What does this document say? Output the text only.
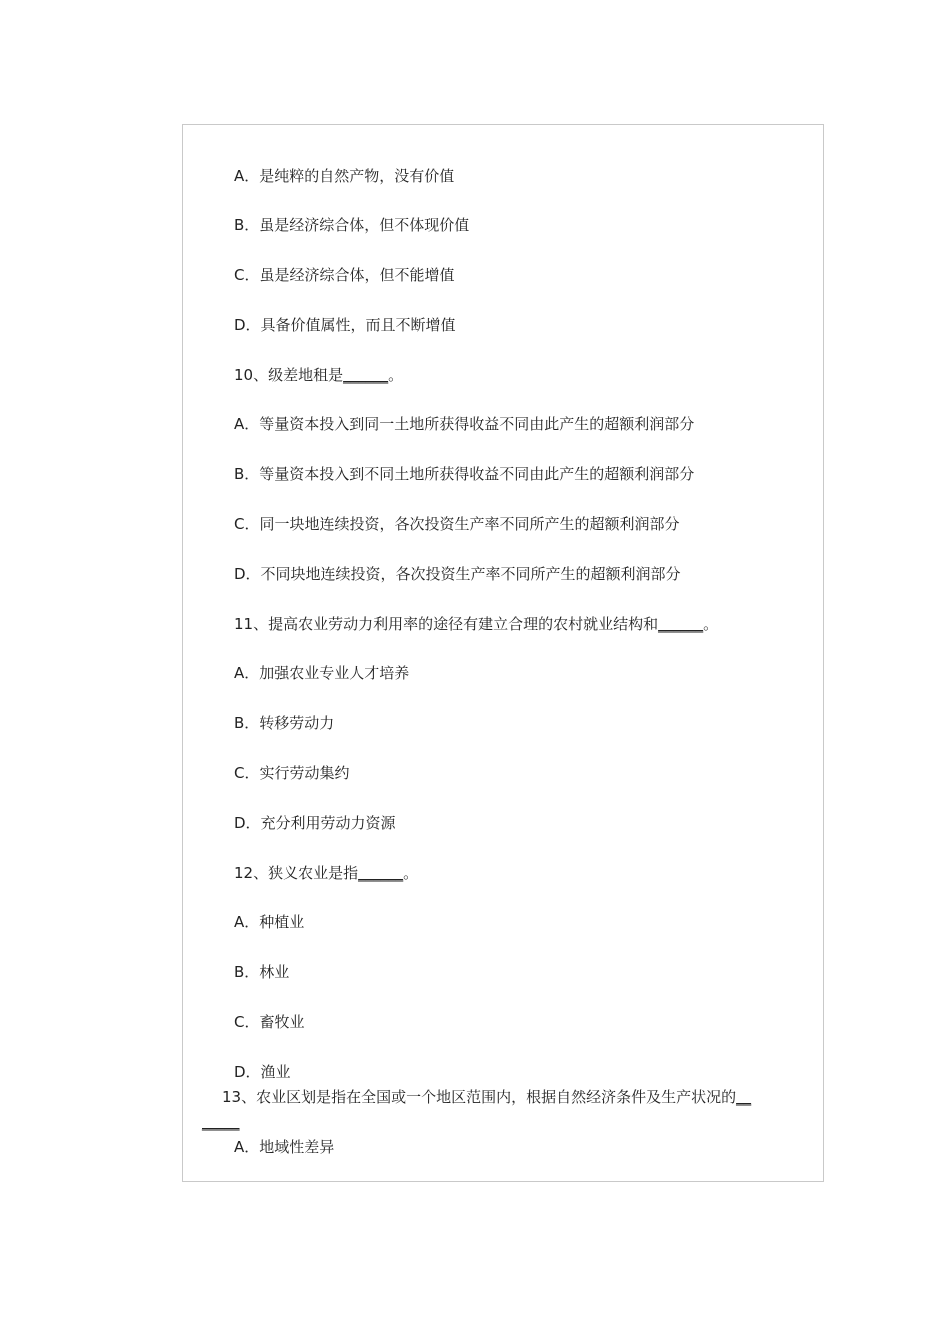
A．是纯粹的自然产物，没有价值
B．虽是经济综合体，但不体现价值
C．虽是经济综合体，但不能增值
D．具备价值属性，而且不断增值
10、级差地租是______。
A．等量资本投入到同一土地所获得收益不同由此产生的超额利润部分
B．等量资本投入到不同土地所获得收益不同由此产生的超额利润部分
C．同一块地连续投资，各次投资生产率不同所产生的超额利润部分
D．不同块地连续投资，各次投资生产率不同所产生的超额利润部分
11、提高农业劳动力利用率的途径有建立合理的农村就业结构和______。
A．加强农业专业人才培养
B．转移劳动力
C．实行劳动集约
D．充分利用劳动力资源
12、狭义农业是指______。
A．种植业
B．林业
C．畜牧业
D．渔业
13、农业区划是指在全国或一个地区范围内，根据自然经济条件及生产状况的__
_____
A．地域性差异
